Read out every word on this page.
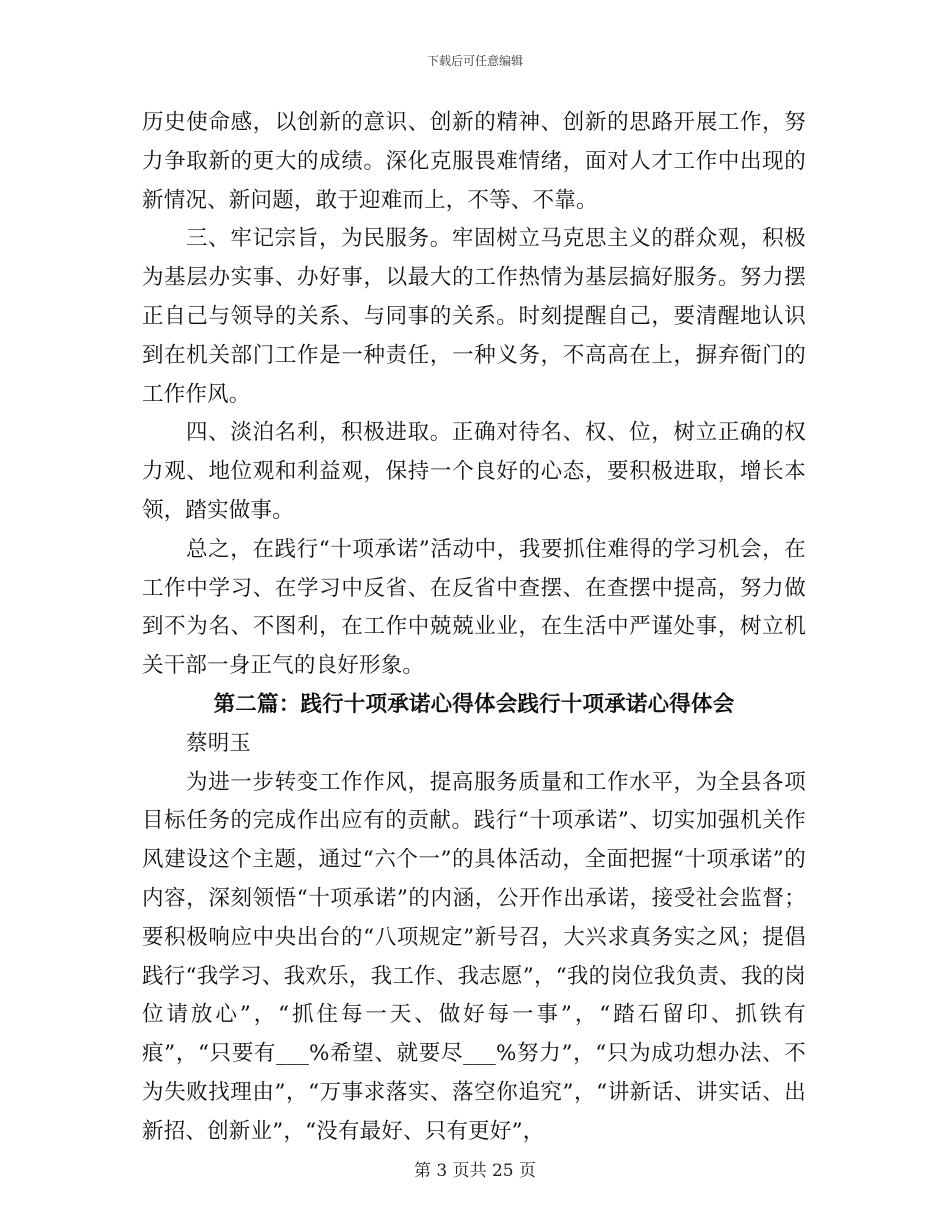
下载后可任意编辑

历史使命感，以创新的意识、创新的精神、创新的思路开展工作，努力争取新的更大的成绩。深化克服畏难情绪，面对人才工作中出现的新情况、新问题，敢于迎难而上，不等、不靠。

三、牢记宗旨，为民服务。牢固树立马克思主义的群众观，积极为基层办实事、办好事，以最大的工作热情为基层搞好服务。努力摆正自己与领导的关系、与同事的关系。时刻提醒自己，要清醒地认识到在机关部门工作是一种责任，一种义务，不高高在上，摒弃衙门的工作作风。

四、淡泊名利，积极进取。正确对待名、权、位，树立正确的权力观、地位观和利益观，保持一个良好的心态，要积极进取，增长本领，踏实做事。

总之，在践行“十项承诺”活动中，我要抓住难得的学习机会，在工作中学习、在学习中反省、在反省中查摆、在查摆中提高，努力做到不为名、不图利，在工作中兢兢业业，在生活中严谨处事，树立机关干部一身正气的良好形象。

第二篇：践行十项承诺心得体会践行十项承诺心得体会

蔡明玉

为进一步转变工作作风，提高服务质量和工作水平，为全县各项目标任务的完成作出应有的贡献。践行“十项承诺”、切实加强机关作风建设这个主题，通过“六个一”的具体活动，全面把握“十项承诺”的内容，深刻领悟“十项承诺”的内涵，公开作出承诺，接受社会监督；要积极响应中央出台的“八项规定”新号召，大兴求真务实之风；提倡践行“我学习、我欢乐，我工作、我志愿”，“我的岗位我负责、我的岗位请放心”，“抓住每一天、做好每一事”，“踏石留印、抓铁有痕”，“只要有___%希望、就要尽___%努力”，“只为成功想办法、不为失败找理由”，“万事求落实、落空你追究”，“讲新话、讲实话、出新招、创新业”，“没有最好、只有更好”，

第 3 页共 25 页
